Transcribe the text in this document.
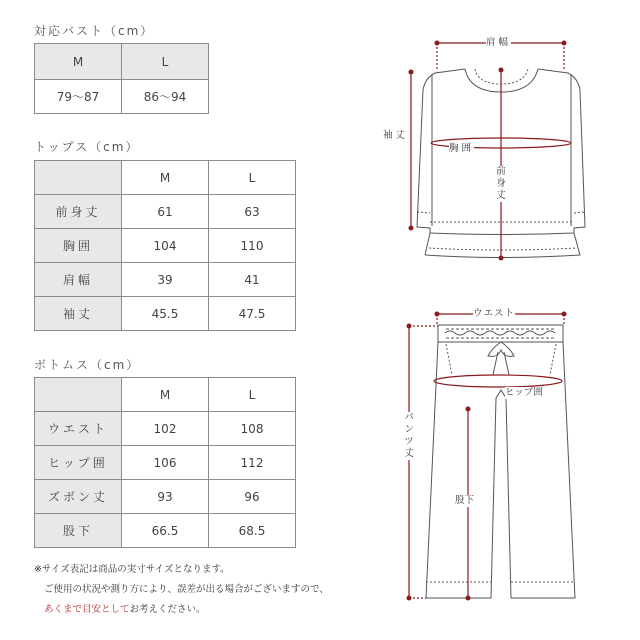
対応バスト（cm）
M	L
79〜87	86〜94
トップス（cm）
	M	L
前身丈	61	63
胸囲	104	110
肩幅	39	41
袖丈	45.5	47.5
ボトムス（cm）
	M	L
ウエスト	102	108
ヒップ囲	106	112
ズボン丈	93	96
股下	66.5	68.5
※サイズ表記は商品の実寸サイズとなります。
ご使用の状況や測り方により、誤差が出る場合がございますので、
あくまで目安としてお考えください。
肩幅
袖丈
胸囲
前身丈
ウエスト
ヒップ囲
パンツ丈
股下
